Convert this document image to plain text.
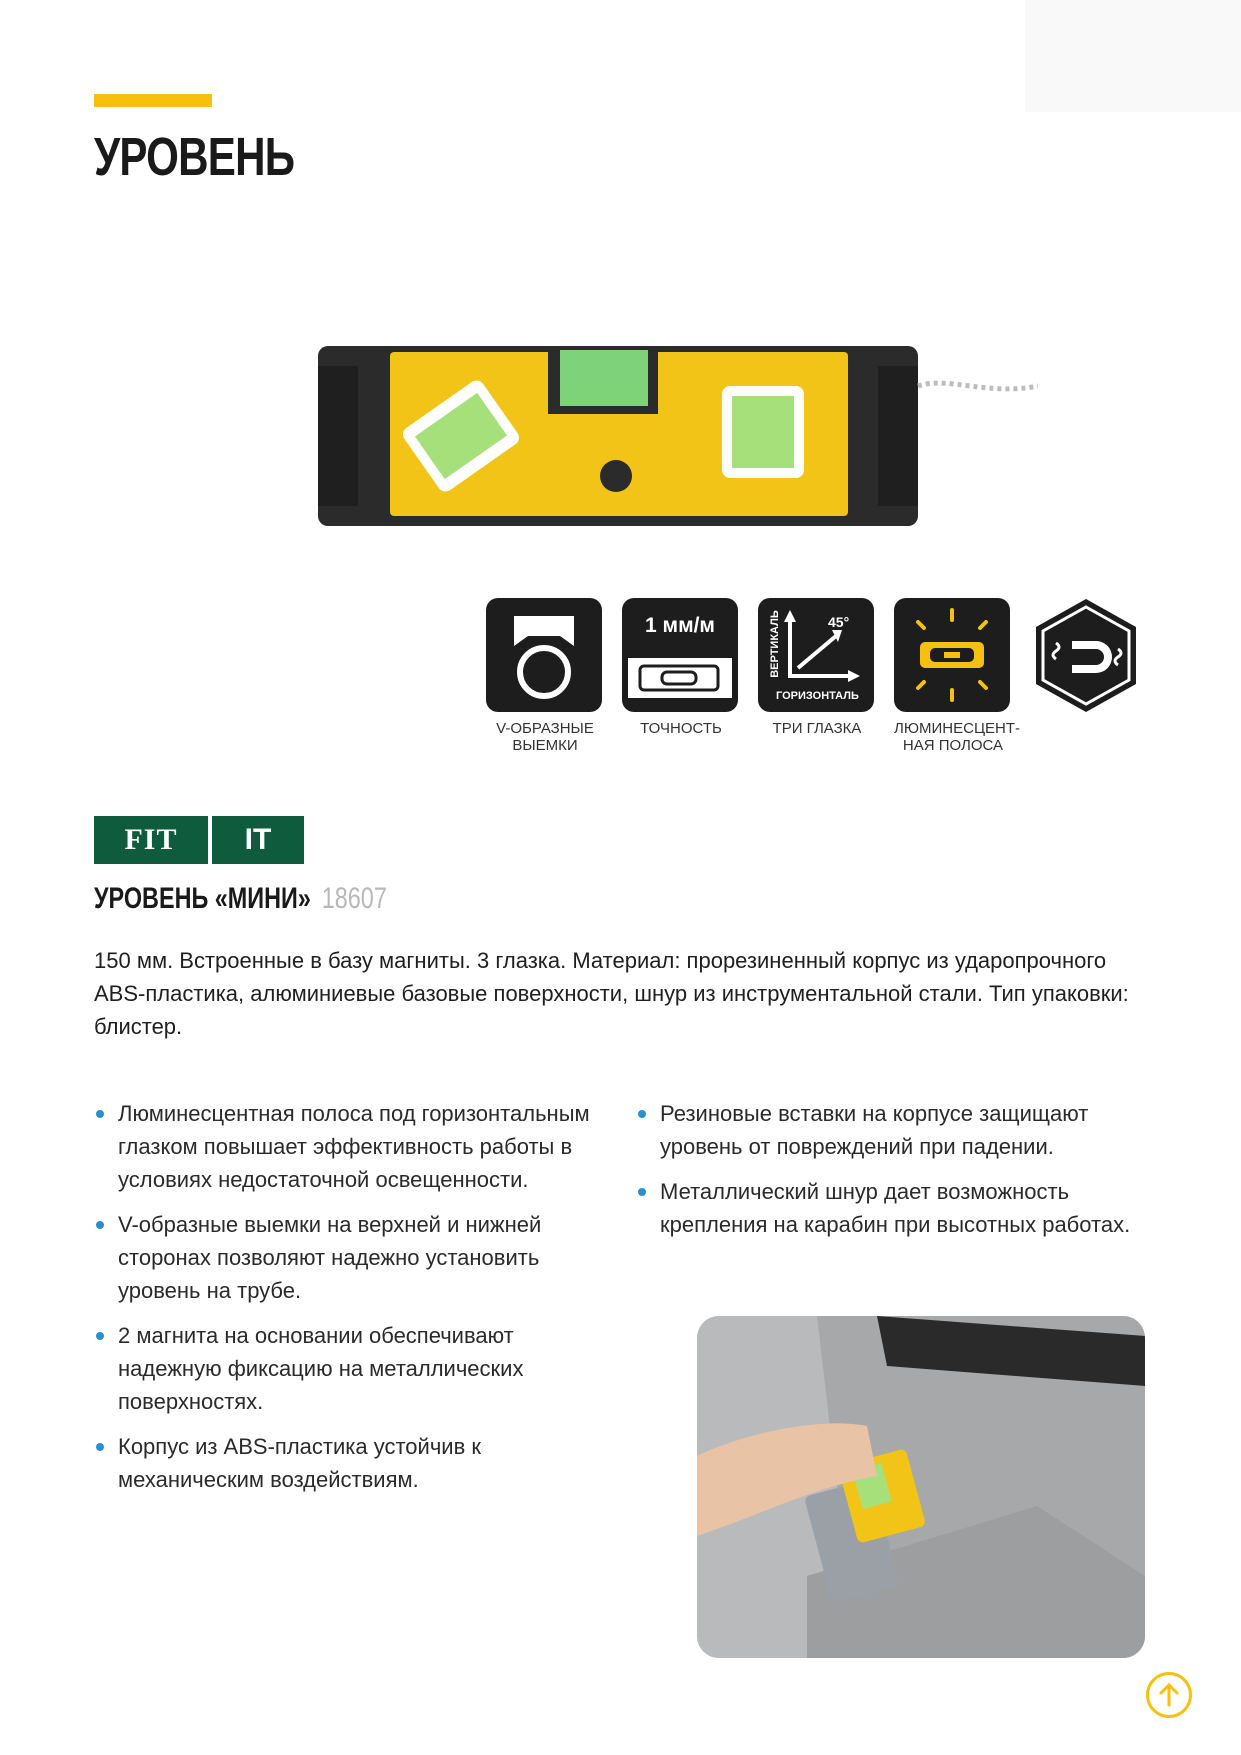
УРОВЕНЬ
V-ОБРАЗНЫЕ
ВЫЕМКИ
1 мм/м
ТОЧНОСТЬ
ВЕРТИКАЛЬ	45°
ГОРИЗОНТАЛЬ
ТРИ ГЛАЗКА	ЛЮМИНЕСЦЕНТ-
НАЯ ПОЛОСА
FIT	IT
УРОВЕНЬ «МИНИ» 18607

150 мм. Встроенные в базу магниты. 3 глазка. Материал: прорезиненный корпус из ударопрочного ABS-пластика, алюминиевые базовые поверхности, шнур из инструментальной стали. Тип упаковки: блистер.

Люминесцентная полоса под горизонтальным глазком повышает эффективность работы в условиях недостаточной освещенности.
V-образные выемки на верхней и нижней сторонах позволяют надежно установить уровень на трубе.
2 магнита на основании обеспечивают надежную фиксацию на металлических поверхностях.
Корпус из ABS-пластика устойчив к механическим воздействиям.
Резиновые вставки на корпусе защищают уровень от повреждений при падении.
Металлический шнур дает возможность крепления на карабин при высотных работах.
